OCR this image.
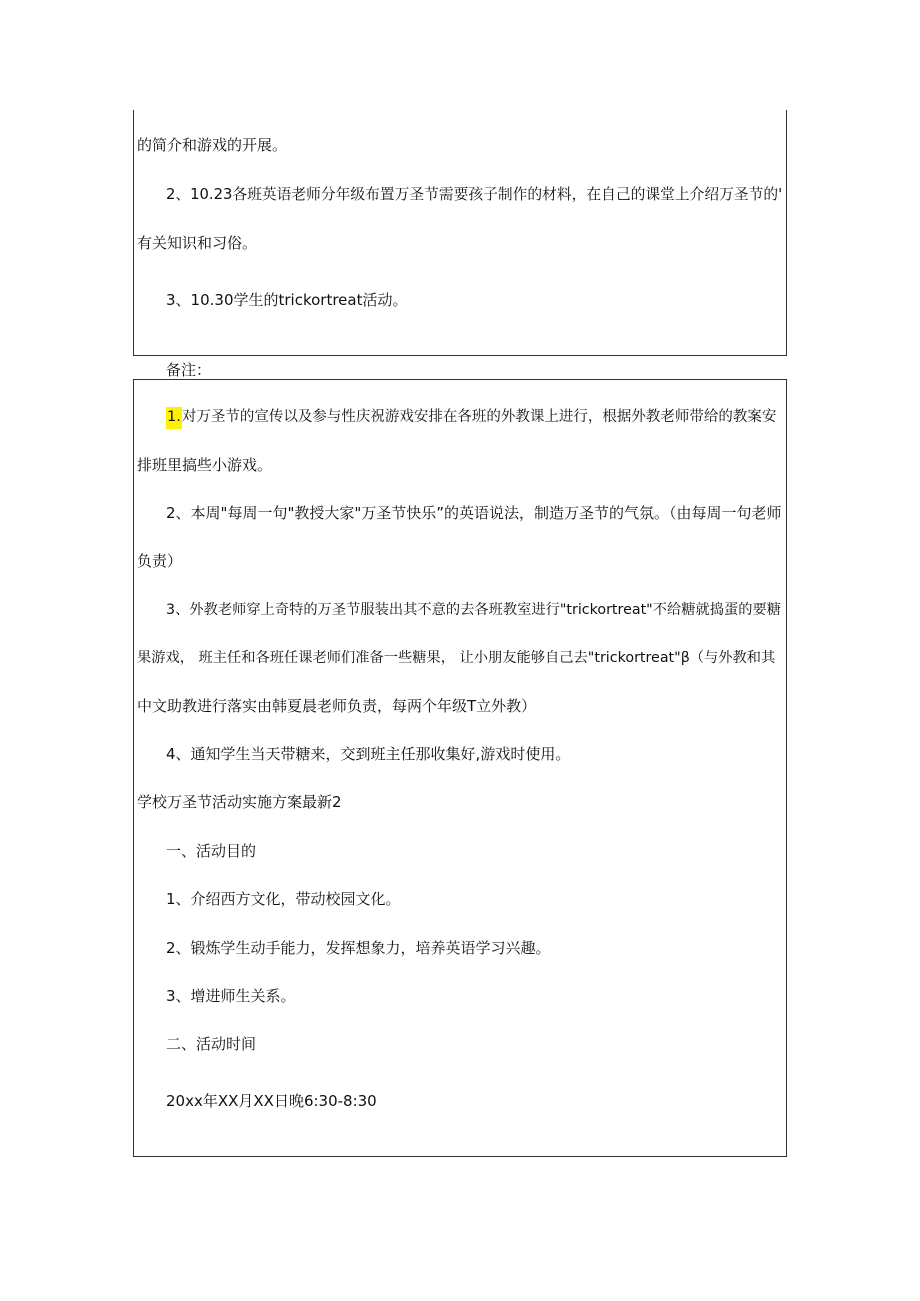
的简介和游戏的开展。
2、10.23各班英语老师分年级布置万圣节需要孩子制作的材料，在自己的课堂上介绍万圣节的'
有关知识和习俗。
3、10.30学生的trickortreat活动。
备注：
1.对万圣节的宣传以及参与性庆祝游戏安排在各班的外教课上进行，根据外教老师带给的教案安
排班里搞些小游戏。
2、本周"每周一句"教授大家"万圣节快乐”的英语说法，制造万圣节的气氛。（由每周一句老师
负责）
3、外教老师穿上奇特的万圣节服装出其不意的去各班教室进行"trickortreat"不给糖就捣蛋的要糖
果游戏， 班主任和各班任课老师们准备一些糖果， 让小朋友能够自己去"trickortreat"β（与外教和其
中文助教进行落实由韩夏晨老师负责，每两个年级T立外教）
4、通知学生当天带糖来，交到班主任那收集好,游戏时使用。
学校万圣节活动实施方案最新2
一、活动目的
1、介绍西方文化，带动校园文化。
2、锻炼学生动手能力，发挥想象力，培养英语学习兴趣。
3、增进师生关系。
二、活动时间
20xx年XX月XX日晚6:30-8:30
